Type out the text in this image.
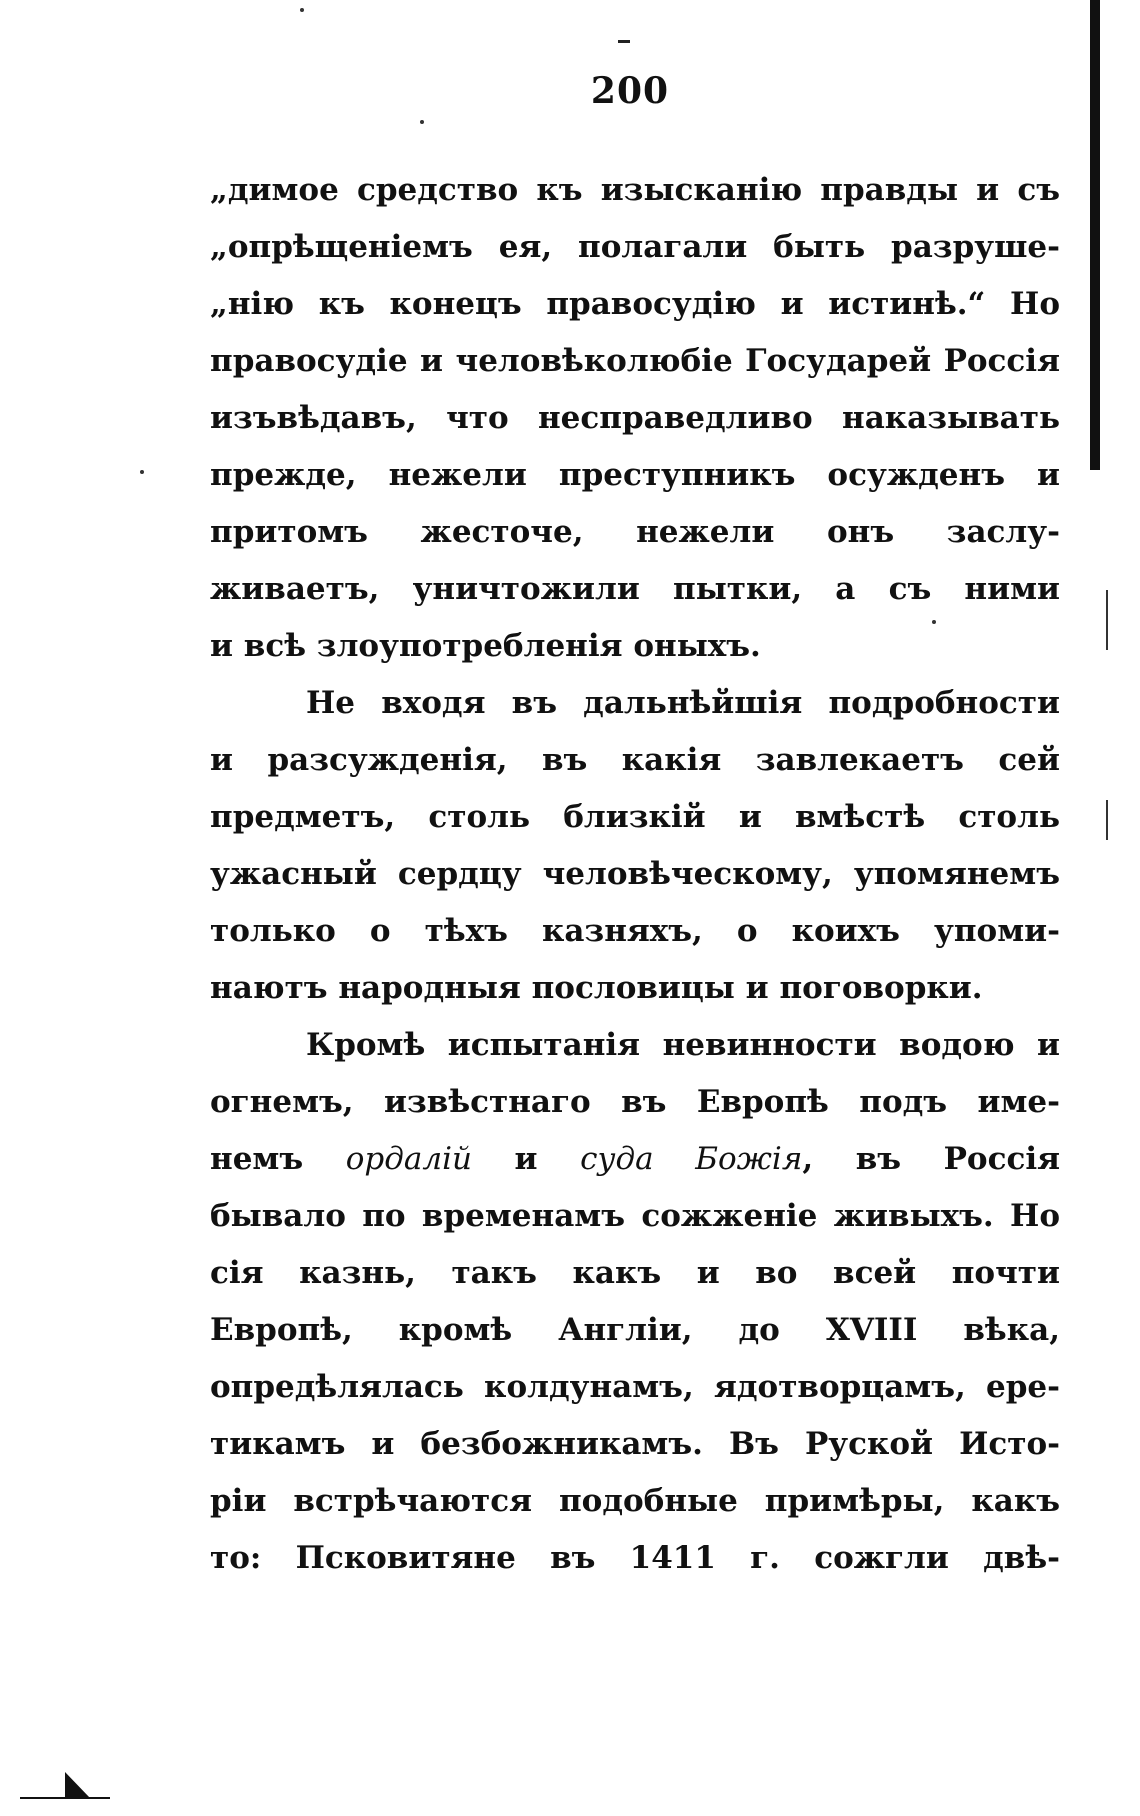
200
„димое средство къ изысканію правды и съ
„опрѣщеніемъ ея, полагали быть разруше-
„нію къ конецъ правосудію и истинѣ.“ Но
правосудіе и человѣколюбіе Государей Россія
изъвѣдавъ, что несправедливо наказывать
прежде, нежели преступникъ осужденъ и
притомъ жесточе, нежели онъ заслу-
живаетъ, уничтожили пытки, а съ ними
и всѣ злоупотребленія оныхъ.
Не входя въ дальнѣйшія подробности
и разсужденія, въ какія завлекаетъ сей
предметъ, столь близкій и вмѣстѣ столь
ужасный сердцу человѣческому, упомянемъ
только о тѣхъ казняхъ, о коихъ упоми-
наютъ народныя пословицы и поговорки.
Кромѣ испытанія невинности водою и
огнемъ, извѣстнаго въ Европѣ подъ име-
немъ ордалій и суда Божія, въ Россія
бывало по временамъ сожженіе живыхъ. Но
сія казнь, такъ какъ и во всей почти
Европѣ, кромѣ Англіи, до XVIII вѣка,
опредѣлялась колдунамъ, ядотворцамъ, ере-
тикамъ и безбожникамъ. Въ Руской Исто-
ріи встрѣчаются подобные примѣры, какъ
то: Псковитяне въ 1411 г. сожгли двѣ-
